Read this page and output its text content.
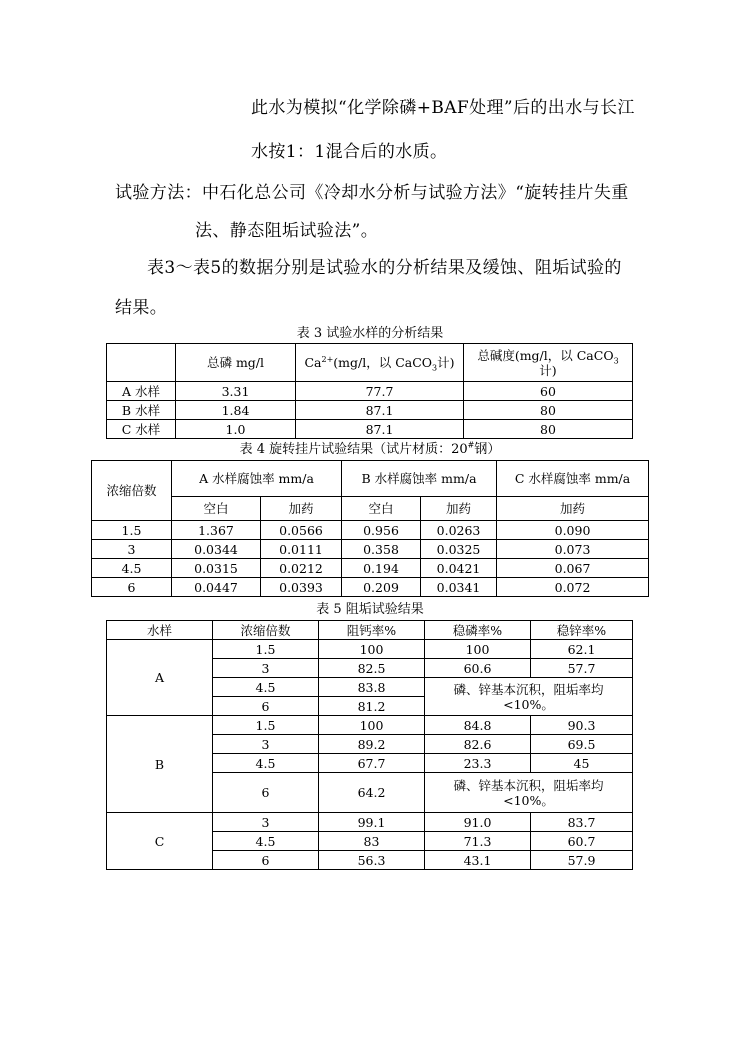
此水为模拟“化学除磷+BAF处理”后的出水与长江
水按1：1混合后的水质。
试验方法：中石化总公司《冷却水分析与试验方法》“旋转挂片失重
法、静态阻垢试验法”。
表3～表5的数据分别是试验水的分析结果及缓蚀、阻垢试验的
结果。
表 3 试验水样的分析结果
	总磷 mg/l	$Ca^{2+}(mg/l$，以 CaCO$_3$计)	总碱度(mg/l，以 CaCO$_3$
计)
A 水样	3.31	77.7	60
B 水样	1.84	87.1	80
C 水样	1.0	87.1	80
表 4 旋转挂片试验结果（试片材质：20#钢）
浓缩倍数	A 水样腐蚀率 mm/a		B 水样腐蚀率 mm/a		C 水样腐蚀率 mm/a
	空白	加药	空白	加药	加药
1.5	1.367	0.0566	0.956	0.0263	0.090
3	0.0344	0.0111	0.358	0.0325	0.073
4.5	0.0315	0.0212	0.194	0.0421	0.067
6	0.0447	0.0393	0.209	0.0341	0.072
表 5 阻垢试验结果
水样	浓缩倍数	阻钙率%	稳磷率%	稳锌率%
A	1.5	100	100	62.1
	3	82.5	60.6	57.7
	4.5	83.8	磷、锌基本沉积，阻垢率均<10%。	
	6	81.2		
B	1.5	100	84.8	90.3
	3	89.2	82.6	69.5
	4.5	67.7	23.3	45
	6	64.2	磷、锌基本沉积，阻垢率均<10%。	
C	3	99.1	91.0	83.7
	4.5	83	71.3	60.7
	6	56.3	43.1	57.9
